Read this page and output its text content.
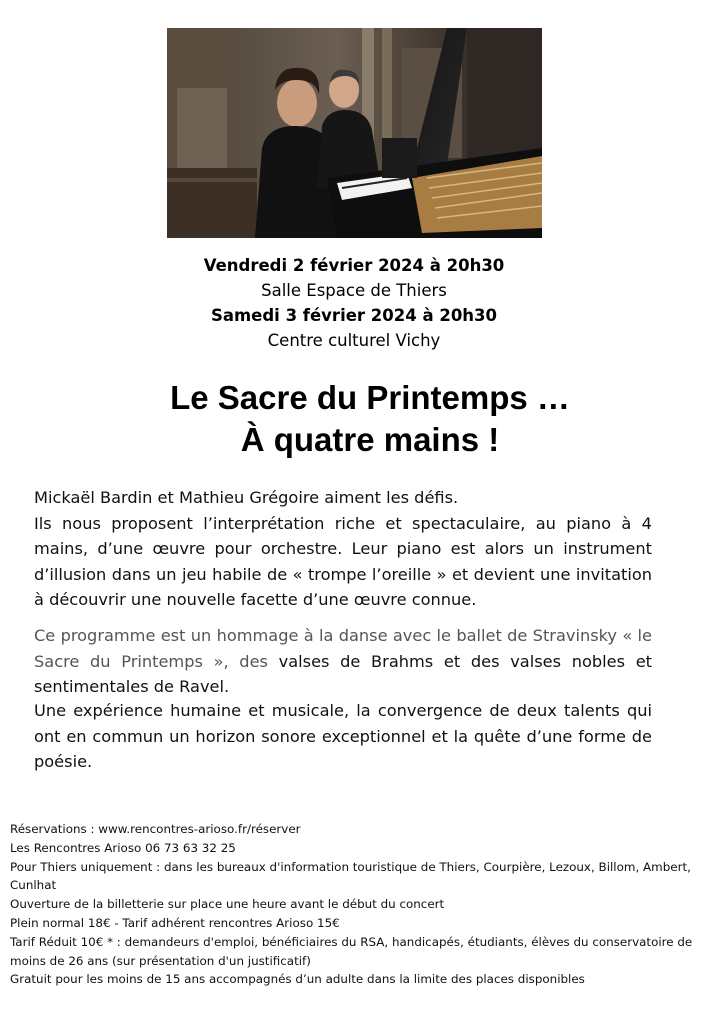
Vendredi 2 février 2024 à 20h30
Salle Espace de Thiers
Samedi 3 février 2024 à 20h30
Centre culturel Vichy
Le Sacre du Printemps …
À quatre mains !

Mickaël Bardin et Mathieu Grégoire aiment les défis.

Ils nous proposent l’interprétation riche et spectaculaire, au piano à 4 mains, d’une œuvre pour orchestre. Leur piano est alors un instrument d’illusion dans un jeu habile de « trompe l’oreille » et devient une invitation à découvrir une nouvelle facette d’une œuvre connue.

Ce programme est un hommage à la danse avec le ballet de Stravinsky « le Sacre du Printemps », des valses de Brahms et des valses nobles et sentimentales de Ravel.

Une expérience humaine et musicale, la convergence de deux talents qui ont en commun un horizon sonore exceptionnel et la quête d’une forme de poésie.

Réservations : www.rencontres-arioso.fr/réserver
Les Rencontres Arioso 06 73 63 32 25
Pour Thiers uniquement : dans les bureaux d'information touristique de Thiers, Courpière, Lezoux, Billom, Ambert, Cunlhat
Ouverture de la billetterie sur place une heure avant le début du concert
Plein normal 18€ - Tarif adhérent rencontres Arioso 15€
Tarif Réduit 10€ * : demandeurs d'emploi, bénéficiaires du RSA, handicapés, étudiants, élèves du conservatoire de moins de 26 ans (sur présentation d'un justificatif)
Gratuit pour les moins de 15 ans accompagnés d’un adulte dans la limite des places disponibles
